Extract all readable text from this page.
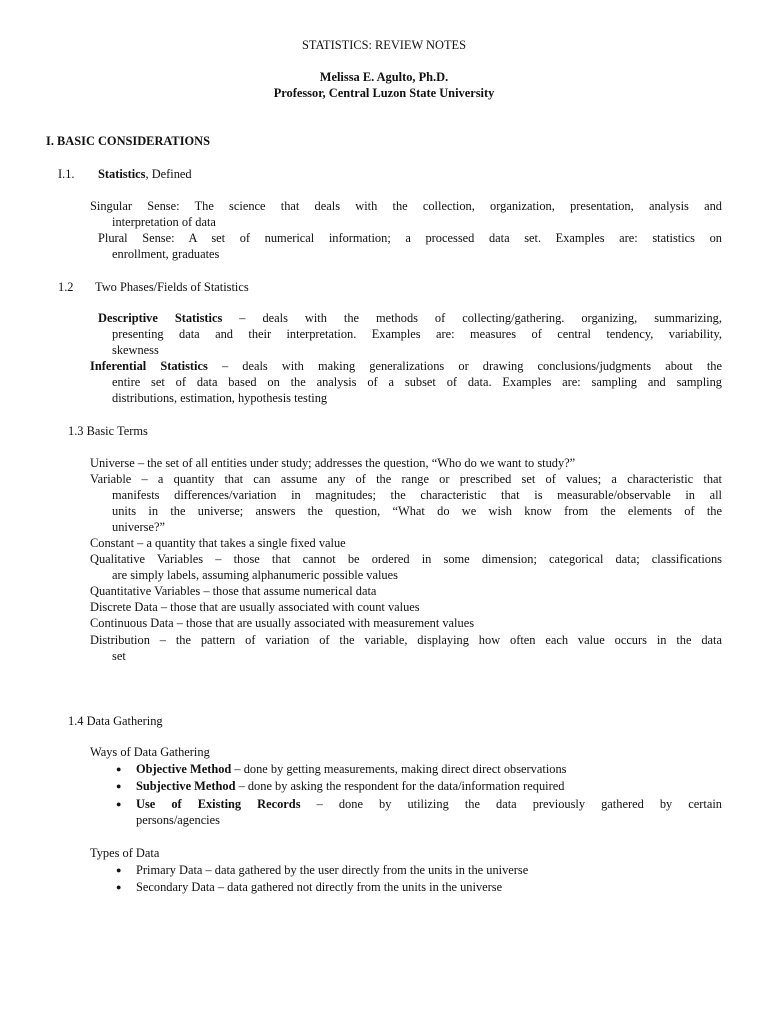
STATISTICS: REVIEW NOTES
Melissa E. Agulto, Ph.D.
Professor, Central Luzon State University
I. BASIC CONSIDERATIONS
I.1. Statistics, Defined
Singular Sense: The science that deals with the collection, organization, presentation, analysis and
interpretation of data
Plural Sense: A set of numerical information; a processed data set. Examples are: statistics on
enrollment, graduates
1.2 Two Phases/Fields of Statistics
Descriptive Statistics – deals with the methods of collecting/gathering. organizing, summarizing,
presenting data and their interpretation. Examples are: measures of central tendency, variability,
skewness
Inferential Statistics – deals with making generalizations or drawing conclusions/judgments about the
entire set of data based on the analysis of a subset of data. Examples are: sampling and sampling
distributions, estimation, hypothesis testing
1.3 Basic Terms
Universe – the set of all entities under study; addresses the question, “Who do we want to study?”
Variable – a quantity that can assume any of the range or prescribed set of values; a characteristic that
manifests differences/variation in magnitudes; the characteristic that is measurable/observable in all
units in the universe; answers the question, “What do we wish know from the elements of the
universe?”
Constant – a quantity that takes a single fixed value
Qualitative Variables – those that cannot be ordered in some dimension; categorical data; classifications
are simply labels, assuming alphanumeric possible values
Quantitative Variables – those that assume numerical data
Discrete Data – those that are usually associated with count values
Continuous Data – those that are usually associated with measurement values
Distribution – the pattern of variation of the variable, displaying how often each value occurs in the data
set
1.4 Data Gathering
Ways of Data Gathering
● Objective Method – done by getting measurements, making direct direct observations
● Subjective Method – done by asking the respondent for the data/information required
● Use of Existing Records – done by utilizing the data previously gathered by certain
persons/agencies
Types of Data
● Primary Data – data gathered by the user directly from the units in the universe
● Secondary Data – data gathered not directly from the units in the universe
